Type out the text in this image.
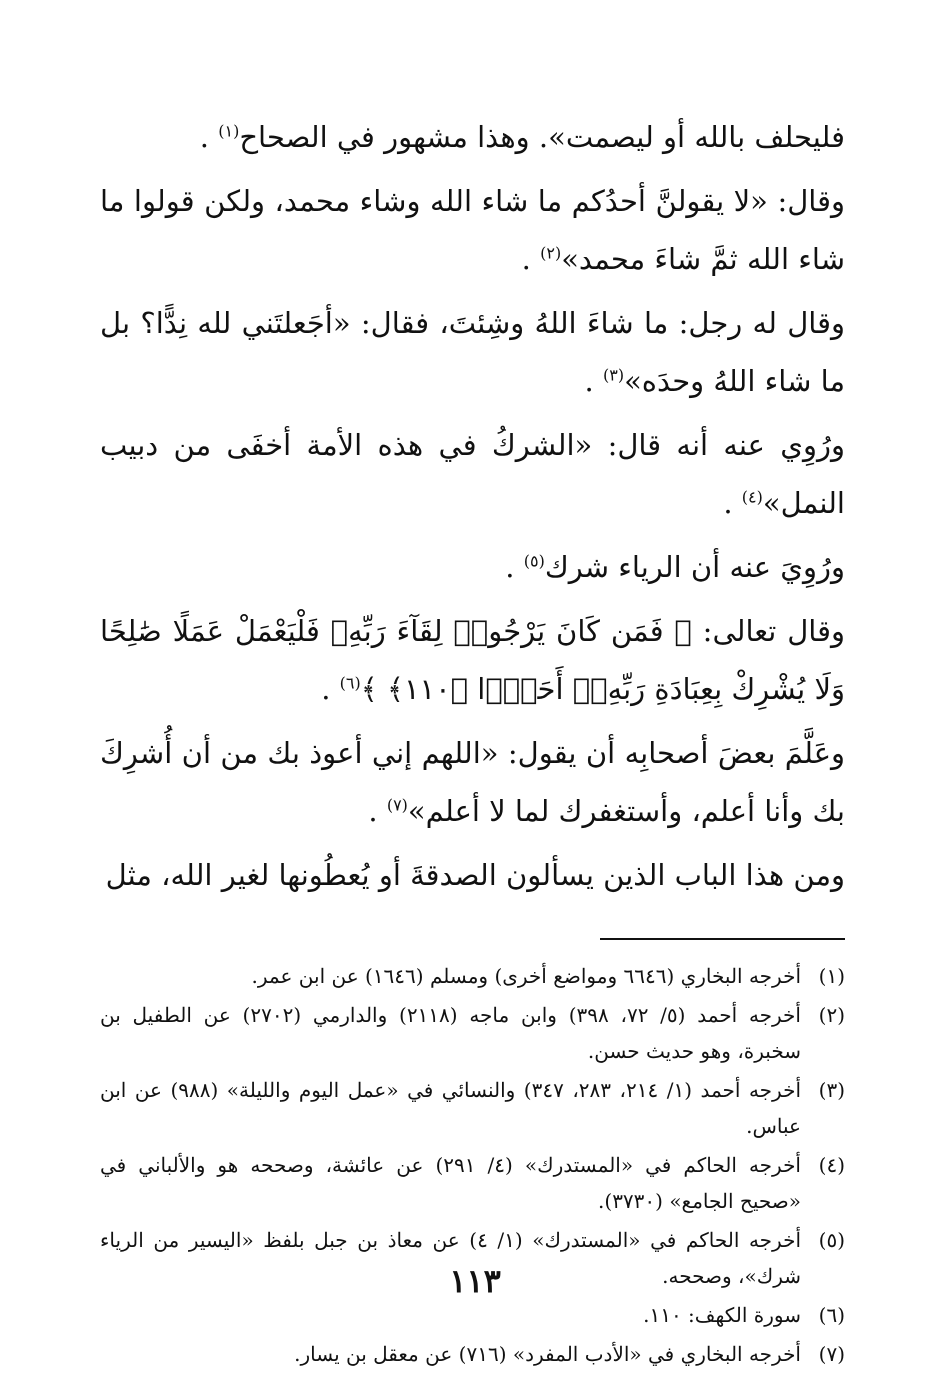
فليحلف بالله أو ليصمت». وهذا مشهور في الصحاح$^{(١)}$ .

وقال: «لا يقولنَّ أحدُكم ما شاء الله وشاء محمد، ولكن قولوا ما شاء الله ثمَّ شاءَ محمد»$^{(٢)}$ .

وقال له رجل: ما شاءَ اللهُ وشِئتَ، فقال: «أجَعلتَني لله نِدًّا؟ بل ما شاء اللهُ وحدَه»$^{(٣)}$ .

ورُوِي عنه أنه قال: «الشركُ في هذه الأمة أخفَى من دبيب النمل»$^{(٤)}$ .

ورُوِيَ عنه أن الرياء شرك$^{(٥)}$ .

وقال تعالى: ﴿ فَمَن كَانَ يَرْجُوا۟ لِقَآءَ رَبِّهِۦ فَلْيَعْمَلْ عَمَلًا صَٰلِحًا وَلَا يُشْرِكْ بِعِبَادَةِ رَبِّهِۦٓ أَحَدًۢا ﴿١١٠﴾ ﴾$^{(٦)}$ .

وعَلَّمَ بعضَ أصحابِه أن يقول: «اللهم إني أعوذ بك من أن أُشرِكَ بك وأنا أعلم، وأستغفرك لما لا أعلم»$^{(٧)}$ .

ومن هذا الباب الذين يسألون الصدقةَ أو يُعطُونها لغير الله، مثل

(١)
أخرجه البخاري (٦٦٤٦ ومواضع أخرى) ومسلم (١٦٤٦) عن ابن عمر.
(٢)
أخرجه أحمد (٥/ ٧٢، ٣٩٨) وابن ماجه (٢١١٨) والدارمي (٢٧٠٢) عن الطفيل بن سخبرة، وهو حديث حسن.
(٣)
أخرجه أحمد (١/ ٢١٤، ٢٨٣، ٣٤٧) والنسائي في «عمل اليوم والليلة» (٩٨٨) عن ابن عباس.
(٤)
أخرجه الحاكم في «المستدرك» (٤/ ٢٩١) عن عائشة، وصححه هو والألباني في «صحيح الجامع» (٣٧٣٠).
(٥)
أخرجه الحاكم في «المستدرك» (١/ ٤) عن معاذ بن جبل بلفظ «اليسير من الرياء شرك»، وصححه.
(٦)
سورة الكهف: ١١٠.
(٧)
أخرجه البخاري في «الأدب المفرد» (٧١٦) عن معقل بن يسار.
١١٣
